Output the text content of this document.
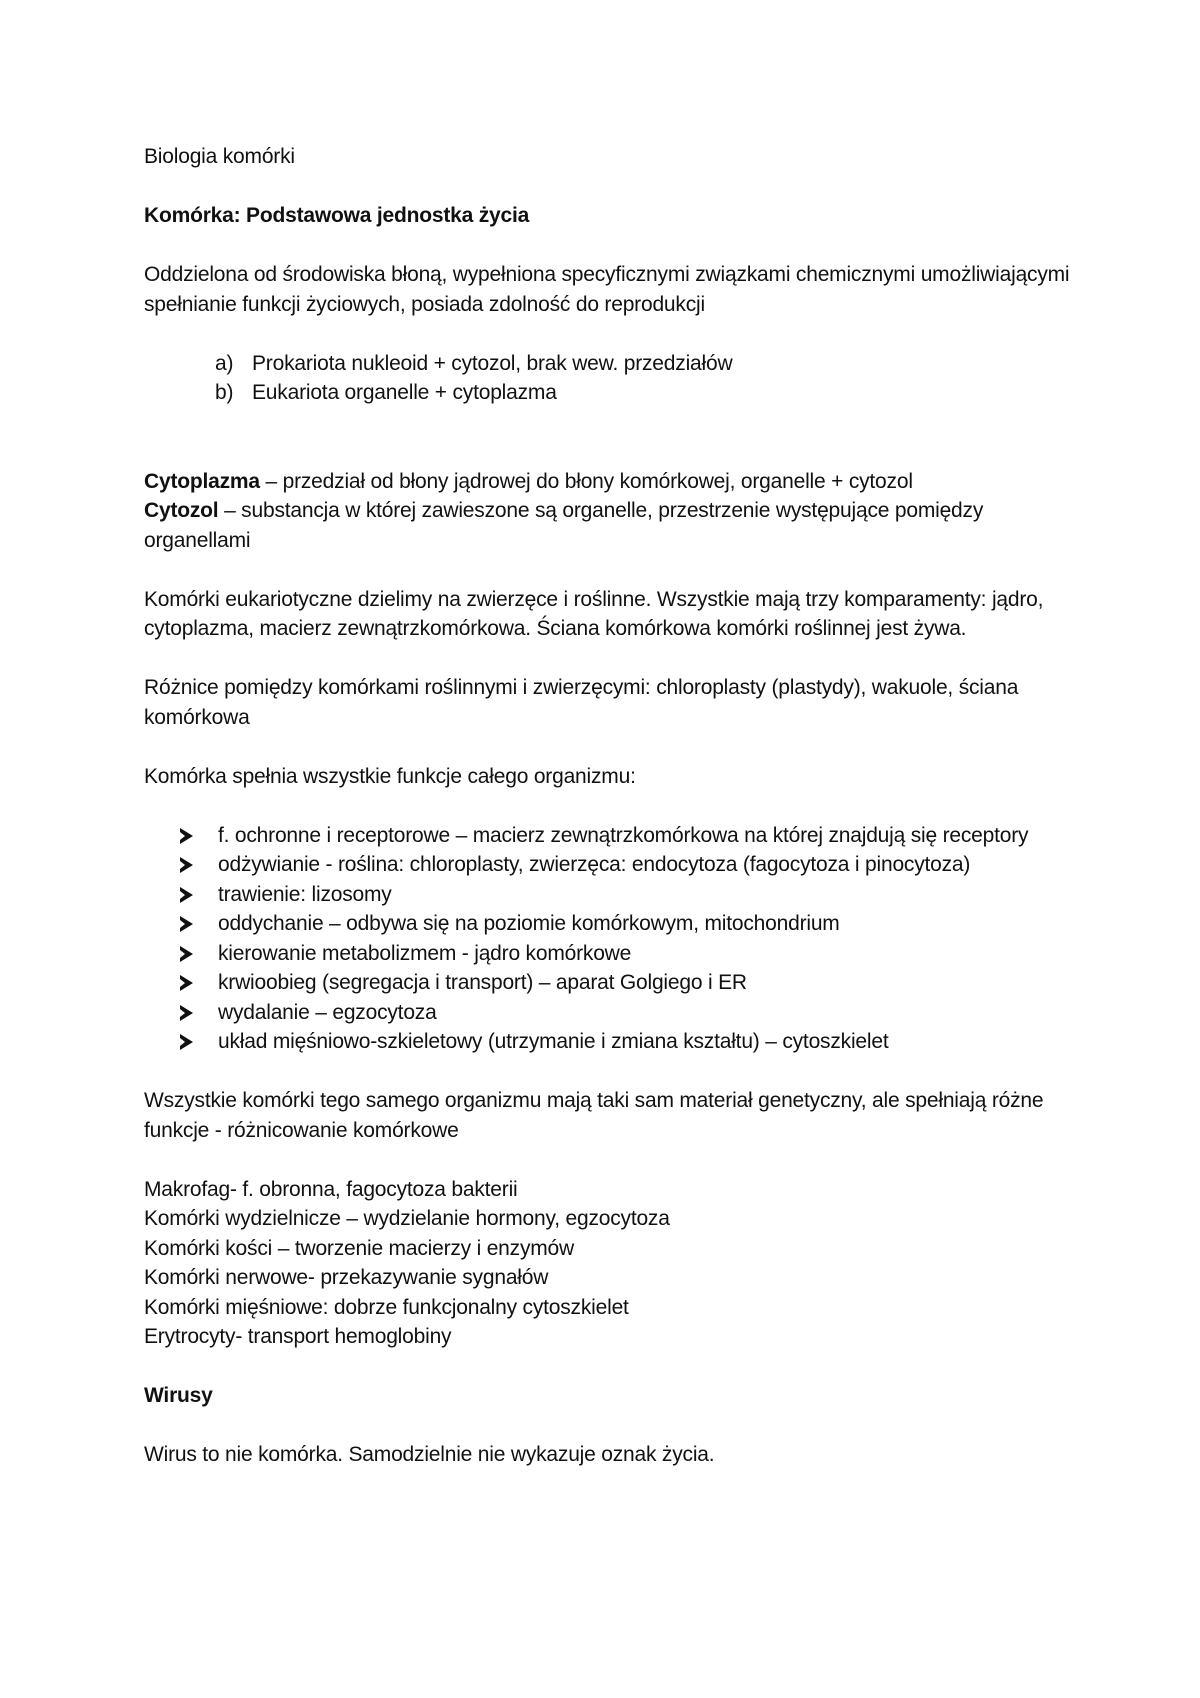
Biologia komórki

Komórka: Podstawowa jednostka życia

Oddzielona od środowiska błoną, wypełniona specyficznymi związkami chemicznymi umożliwiającymi spełnianie funkcji życiowych, posiada zdolność do reprodukcji

a) Prokariota nukleoid + cytozol, brak wew. przedziałów
b) Eukariota organelle + cytoplazma
Cytoplazma – przedział od błony jądrowej do błony komórkowej, organelle + cytozol
Cytozol – substancja w której zawieszone są organelle, przestrzenie występujące pomiędzy organellami

Komórki eukariotyczne dzielimy na zwierzęce i roślinne. Wszystkie mają trzy komparamenty: jądro, cytoplazma, macierz zewnątrzkomórkowa. Ściana komórkowa komórki roślinnej jest żywa.

Różnice pomiędzy komórkami roślinnymi i zwierzęcymi: chloroplasty (plastydy), wakuole, ściana komórkowa

Komórka spełnia wszystkie funkcje całego organizmu:

f. ochronne i receptorowe – macierz zewnątrzkomórkowa na której znajdują się receptory
odżywianie - roślina: chloroplasty, zwierzęca: endocytoza (fagocytoza i pinocytoza)
trawienie: lizosomy
oddychanie – odbywa się na poziomie komórkowym, mitochondrium
kierowanie metabolizmem - jądro komórkowe
krwioobieg (segregacja i transport) – aparat Golgiego i ER
wydalanie – egzocytoza
układ mięśniowo-szkieletowy (utrzymanie i zmiana kształtu) – cytoszkielet

Wszystkie komórki tego samego organizmu mają taki sam materiał genetyczny, ale spełniają różne funkcje - różnicowanie komórkowe

Makrofag- f. obronna, fagocytoza bakterii
Komórki wydzielnicze – wydzielanie hormony, egzocytoza
Komórki kości – tworzenie macierzy i enzymów
Komórki nerwowe- przekazywanie sygnałów
Komórki mięśniowe: dobrze funkcjonalny cytoszkielet
Erytrocyty- transport hemoglobiny

Wirusy

Wirus to nie komórka. Samodzielnie nie wykazuje oznak życia.
